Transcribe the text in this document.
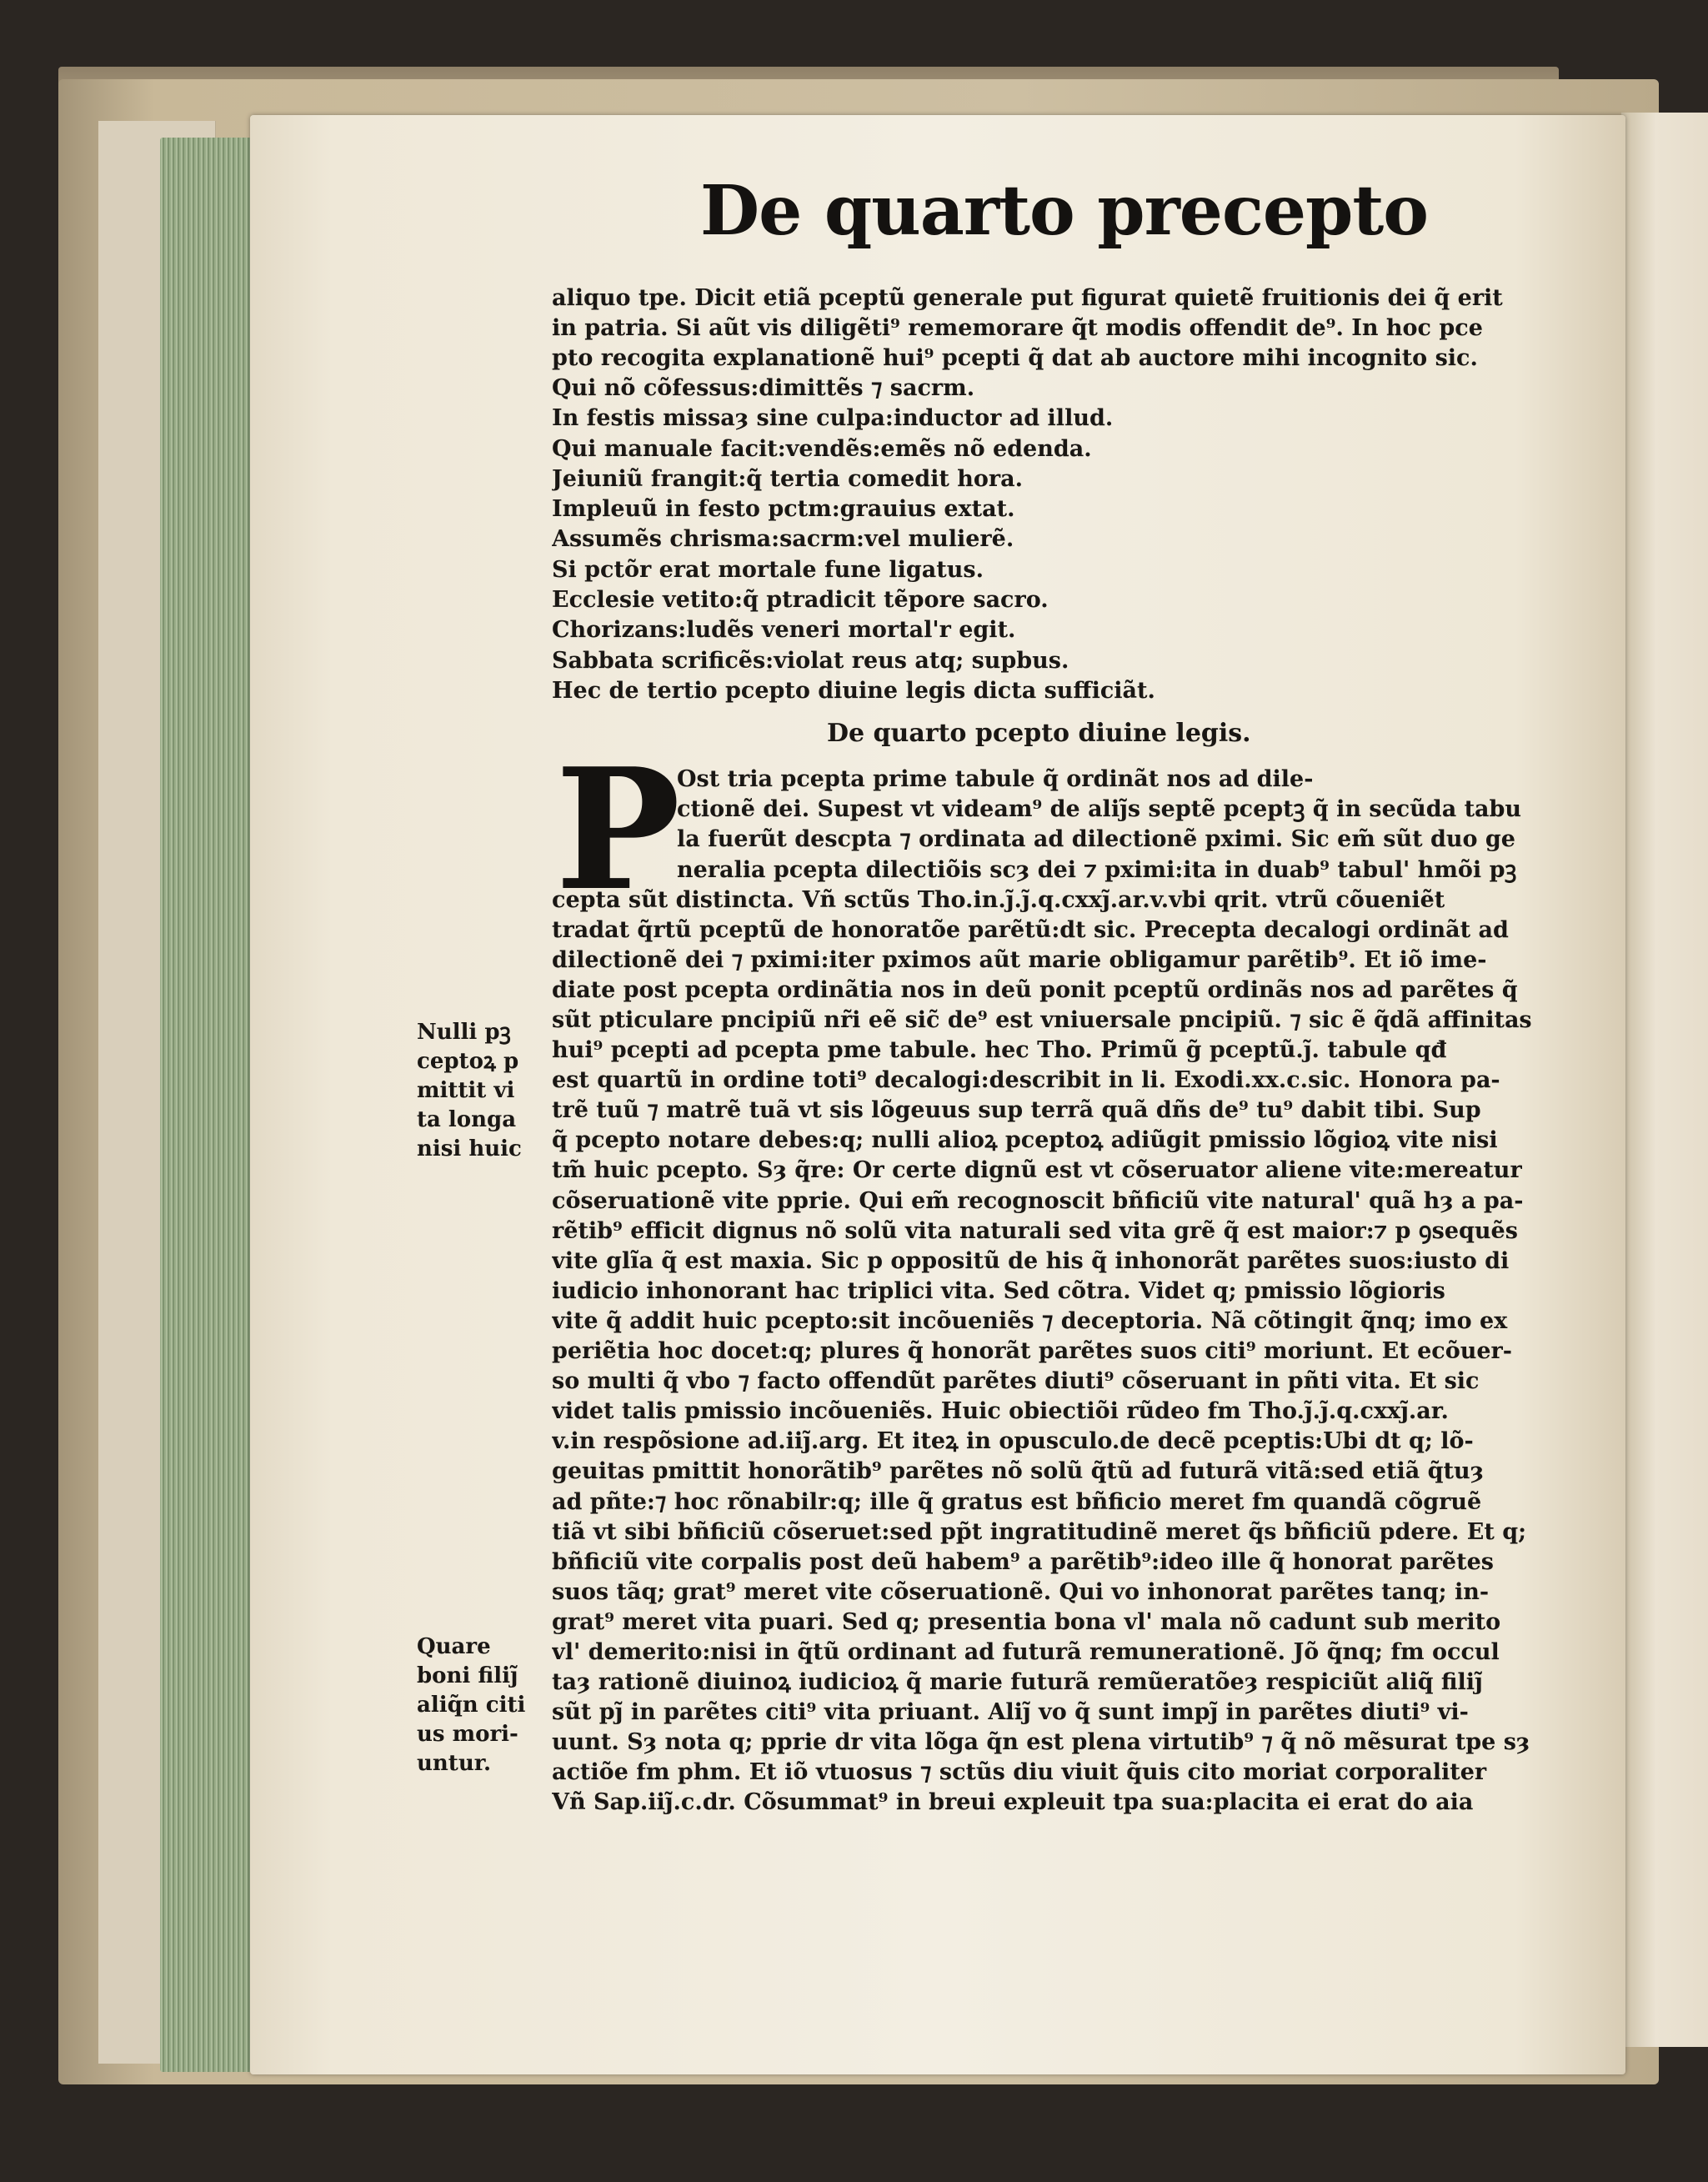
De quarto precepto

aliquo tpe. Dicit etiã pceptũ generale put figurat quietẽ fruitionis dei q̃ erit

in patria. Si aũt vis diligẽti⁹ rememorare q̃t modis offendit de⁹. In hoc pce

pto recogita explanationẽ hui⁹ pcepti q̃ dat ab auctore mihi incognito sic.

Qui nõ cõfessus:dimittẽs ⁊ sacrm.

In festis missaȝ sine culpa:inductor ad illud.

Qui manuale facit:vendẽs:emẽs nõ edenda.

Jeiuniũ frangit:q̃ tertia comedit hora.

Impleuũ in festo pctm:grauius extat.

Assumẽs chrisma:sacrm:vel mulierẽ.

Si pctõr erat mortale fune ligatus.

Ecclesie vetito:q̃ ptradicit tẽpore sacro.

Chorizans:ludẽs veneri mortal'r egit.

Sabbata scrificẽs:violat reus atq; supbus.

Hec de tertio pcepto diuine legis dicta sufficiãt.

De quarto pcepto diuine legis.

P

Ost tria pcepta prime tabule q̃ ordinãt nos ad dile-

ctionẽ dei. Supest vt videam⁹ de aliȷ̃s septẽ pceptꝫ q̃ in secũda tabu

la fuerũt descpta ⁊ ordinata ad dilectionẽ pximi. Sic em̃ sũt duo ge

neralia pcepta dilectiõis scȝ dei ⁊ pximi:ita in duab⁹ tabul' hmõi pꝫ

cepta sũt distincta. Vñ sctũs Tho.in.ȷ̃.ȷ̃.q.cxxȷ̃.ar.v.vbi qrit. vtrũ cõueniẽt

tradat q̃rtũ pceptũ de honoratõe parẽtũ:dt sic. Precepta decalogi ordinãt ad

dilectionẽ dei ⁊ pximi:iter pximos aũt marie obligamur parẽtib⁹. Et iõ ime-

diate post pcepta ordinãtia nos in deũ ponit pceptũ ordinãs nos ad parẽtes q̃

sũt pticulare pncipiũ nr̃i eẽ sic̃ de⁹ est vniuersale pncipiũ. ⁊ sic ẽ q̃dã affinitas

hui⁹ pcepti ad pcepta pme tabule. hec Tho. Primũ g̃ pceptũ.ȷ̃. tabule qđ

est quartũ in ordine toti⁹ decalogi:describit in li. Exodi.xx.c.sic. Honora pa-

trẽ tuũ ⁊ matrẽ tuã vt sis lõgeuus sup terrã quã dñs de⁹ tu⁹ dabit tibi. Sup

q̃ pcepto notare debes:q; nulli alioꝝ pceptoꝝ adiũgit pmissio lõgioꝝ vite nisi

tm̃ huic pcepto. Sȝ q̃re: Or certe dignũ est vt cõseruator aliene vite:mereatur

cõseruationẽ vite pprie. Qui em̃ recognoscit bñficiũ vite natural' quã hȝ a pa-

rẽtib⁹ efficit dignus nõ solũ vita naturali sed vita grẽ q̃ est maior:⁊ p ꝯsequẽs

vite glĩa q̃ est maxia. Sic p oppositũ de his q̃ inhonorãt parẽtes suos:iusto di

iudicio inhonorant hac triplici vita. Sed cõtra. Videt q; pmissio lõgioris

vite q̃ addit huic pcepto:sit incõueniẽs ⁊ deceptoria. Nã cõtingit q̃nq; imo ex

periẽtia hoc docet:q; plures q̃ honorãt parẽtes suos citi⁹ moriunt. Et ecõuer-

so multi q̃ vbo ⁊ facto offendũt parẽtes diuti⁹ cõseruant in pñti vita. Et sic

videt talis pmissio incõueniẽs. Huic obiectiõi rũdeo fm Tho.ȷ̃.ȷ̃.q.cxxȷ̃.ar.

v.in respõsione ad.iiȷ̃.arg. Et iteꝝ in opusculo.de decẽ pceptis:Ubi dt q; lõ-

geuitas pmittit honorãtib⁹ parẽtes nõ solũ q̃tũ ad futurã vitã:sed etiã q̃tuȝ

ad pñte:⁊ hoc rõnabilr:q; ille q̃ gratus est bñficio meret fm quandã cõgruẽ

tiã vt sibi bñficiũ cõseruet:sed pp̃t ingratitudinẽ meret q̃s bñficiũ pdere. Et q;

bñficiũ vite corpalis post deũ habem⁹ a parẽtib⁹:ideo ille q̃ honorat parẽtes

suos tãq; grat⁹ meret vite cõseruationẽ. Qui vo inhonorat parẽtes tanq; in-

grat⁹ meret vita puari. Sed q; presentia bona vl' mala nõ cadunt sub merito

vl' demerito:nisi in q̃tũ ordinant ad futurã remunerationẽ. Jõ q̃nq; fm occul

taȝ rationẽ diuinoꝝ iudicioꝝ q̃ marie futurã remũeratõeȝ respiciũt aliq̃ filiȷ̃

sũt pȷ̃ in parẽtes citi⁹ vita priuant. Aliȷ̃ vo q̃ sunt impȷ̃ in parẽtes diuti⁹ vi-

uunt. Sȝ nota q; pprie dr vita lõga q̃n est plena virtutib⁹ ⁊ q̃ nõ mẽsurat tpe sȝ

actiõe fm phm. Et iõ vtuosus ⁊ sctũs diu viuit q̃uis cito moriat corporaliter

Vñ Sap.iiȷ̃.c.dr. Cõsummat⁹ in breui expleuit tpa sua:placita ei erat do aia

Nulli pꝫ

ceptoꝝ p

mittit vi

ta longa

nisi huic

Quare

boni filiȷ̃

aliq̃n citi

us mori-

untur.
